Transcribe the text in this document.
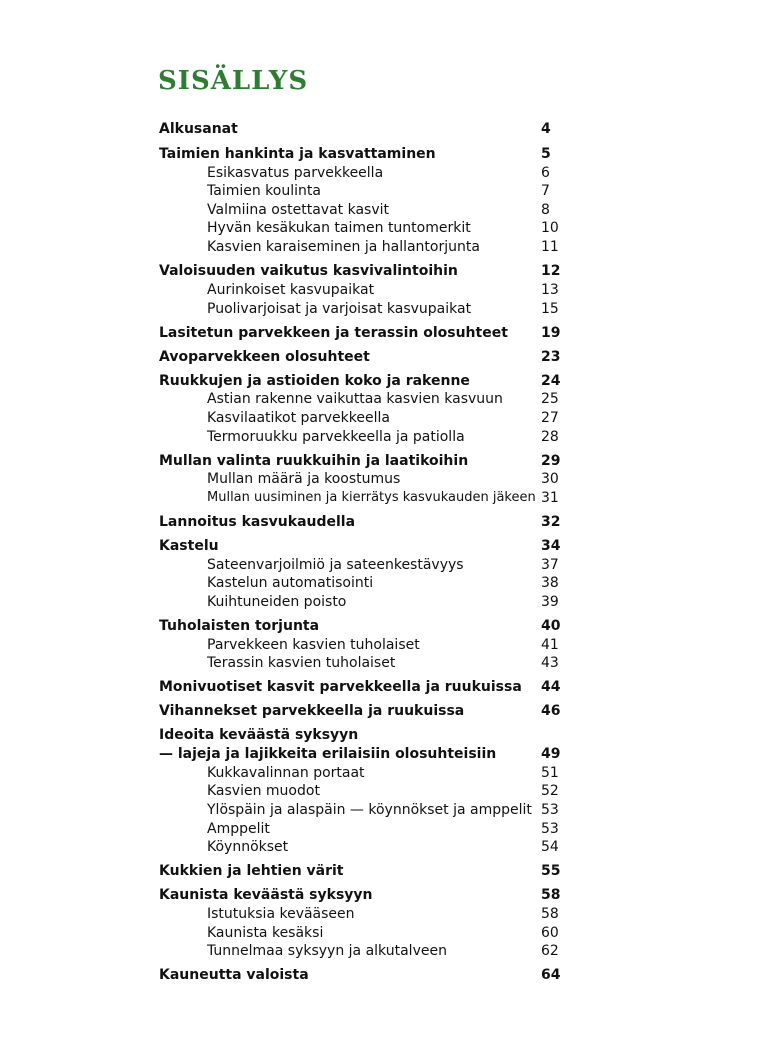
SISÄLLYS
Alkusanat	4
Taimien hankinta ja kasvattaminen	5
Esikasvatus parvekkeella	6
Taimien koulinta	7
Valmiina ostettavat kasvit	8
Hyvän kesäkukan taimen tuntomerkit	10
Kasvien karaiseminen ja hallantorjunta	11
Valoisuuden vaikutus kasvivalintoihin	12
Aurinkoiset kasvupaikat	13
Puolivarjoisat ja varjoisat kasvupaikat	15
Lasitetun parvekkeen ja terassin olosuhteet 19
Avoparvekkeen olosuhteet	23
Ruukkujen ja astioiden koko ja rakenne	24
Astian rakenne vaikuttaa kasvien kasvuun	25
Kasvilaatikot parvekkeella	27
Termoruukku parvekkeella ja patiolla	28
Mullan valinta ruukkuihin ja laatikoihin	29
Mullan määrä ja koostumus	30
Mullan uusiminen ja kierrätys kasvukauden jäkeen 31
Lannoitus kasvukaudella	32
Kastelu	34
Sateenvarjoilmiö ja sateenkestävyys	37
Kastelun automatisointi	38
Kuihtuneiden poisto	39
Tuholaisten torjunta	40
Parvekkeen kasvien tuholaiset	41
Terassin kasvien tuholaiset	43
Monivuotiset kasvit parvekkeella ja ruukuissa 44
Vihannekset parvekkeella ja ruukuissa	46
Ideoita keväästä syksyyn
— lajeja ja lajikkeita erilaisiin olosuhteisiin	49
Kukkavalinnan portaat	51
Kasvien muodot	52
Ylöspäin ja alaspäin — köynnökset ja amppelit 53
Amppelit	53
Köynnökset	54
Kukkien ja lehtien värit	55
Kaunista keväästä syksyyn	58
Istutuksia kevääseen	58
Kaunista kesäksi	60
Tunnelmaa syksyyn ja alkutalveen	62
Kauneutta valoista	64
